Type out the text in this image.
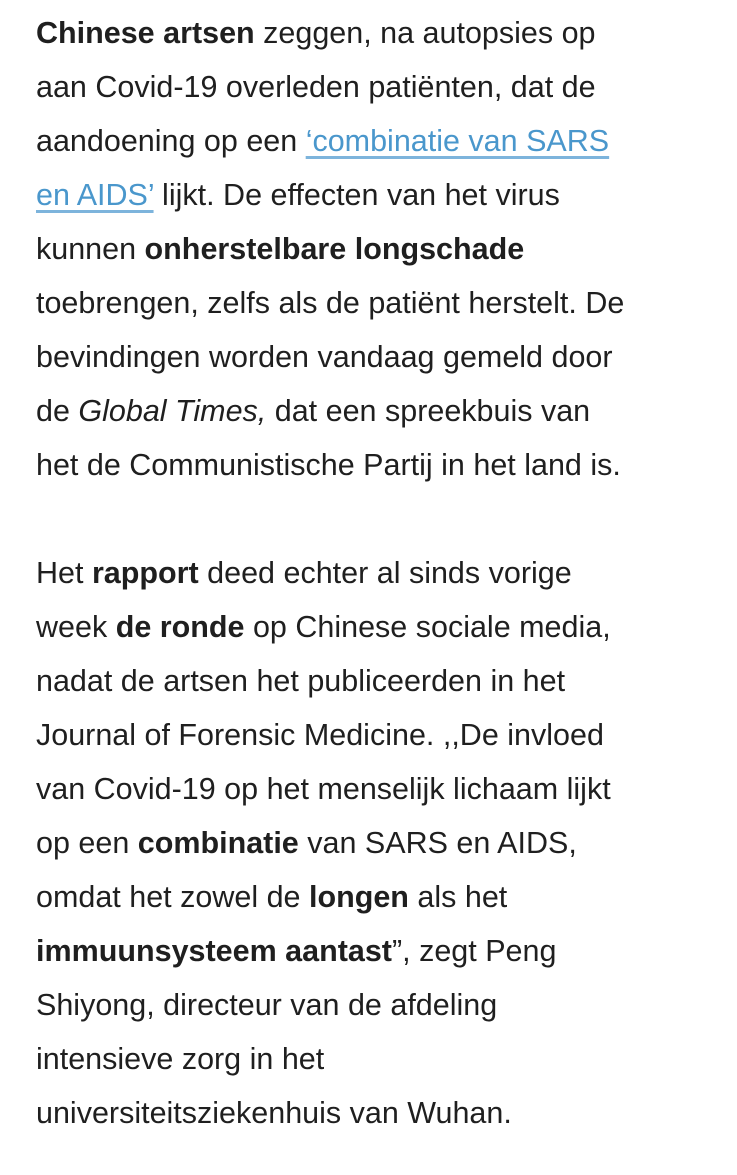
Chinese artsen zeggen, na autopsies op
aan Covid-19 overleden patiënten, dat de
aandoening op een ‘combinatie van SARS
en AIDS’ lijkt. De effecten van het virus
kunnen onherstelbare longschade
toebrengen, zelfs als de patiënt herstelt. De
bevindingen worden vandaag gemeld door
de Global Times, dat een spreekbuis van
het de Communistische Partij in het land is.

Het rapport deed echter al sinds vorige
week de ronde op Chinese sociale media,
nadat de artsen het publiceerden in het
Journal of Forensic Medicine. ,,De invloed
van Covid-19 op het menselijk lichaam lijkt
op een combinatie van SARS en AIDS,
omdat het zowel de longen als het
immuunsysteem aantast”, zegt Peng
Shiyong, directeur van de afdeling
intensieve zorg in het
universiteitsziekenhuis van Wuhan.
